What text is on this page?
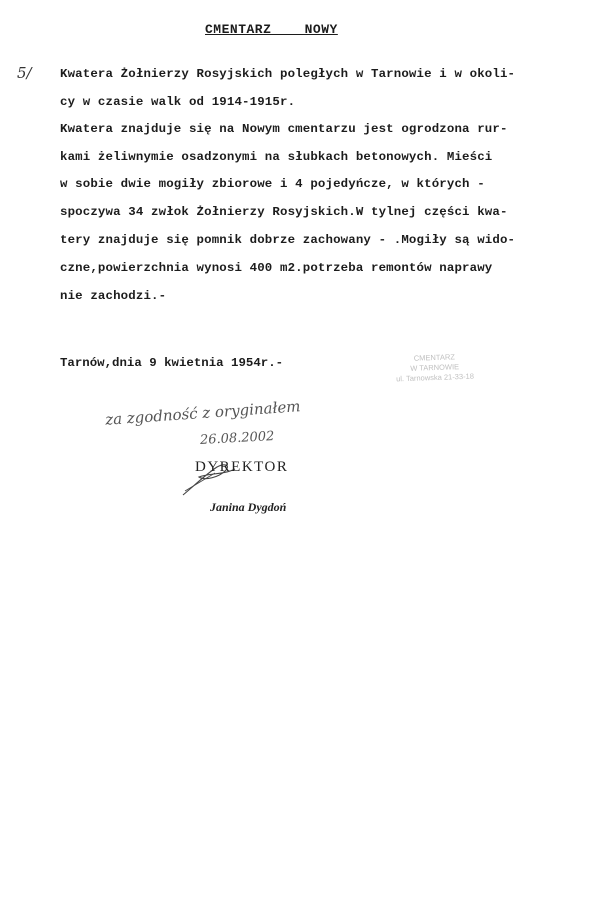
CMENTARZ    NOWY
5/ Kwatera Żołnierzy Rosyjskich poległych w Tarnowie i w okoli-
cy w czasie walk od 1914-1915r.
Kwatera znajduje się na Nowym cmentarzu jest ogrodzona rur-
kami żeliwnymie osadzonymi na słubkach betonowych. Mieści
w sobie dwie mogiły zbiorowe i 4 pojedyńcze, w których -
spoczywa 34 zwłok Żołnierzy Rosyjskich.W tylnej części kwa-
tery znajduje się pomnik dobrze zachowany - .Mogiły są wido-
czne,powierzchnia wynosi 400 m2.potrzeba remontów naprawy
nie zachodzi.-
Tarnów,dnia 9 kwietnia 1954r.-	CMENTARZ
W TARNOWIE
ul. Tarnowska 21-33-18
za zgodność z oryginałem
26.08.2002
DYREKTOR
Janina Dygdoń
